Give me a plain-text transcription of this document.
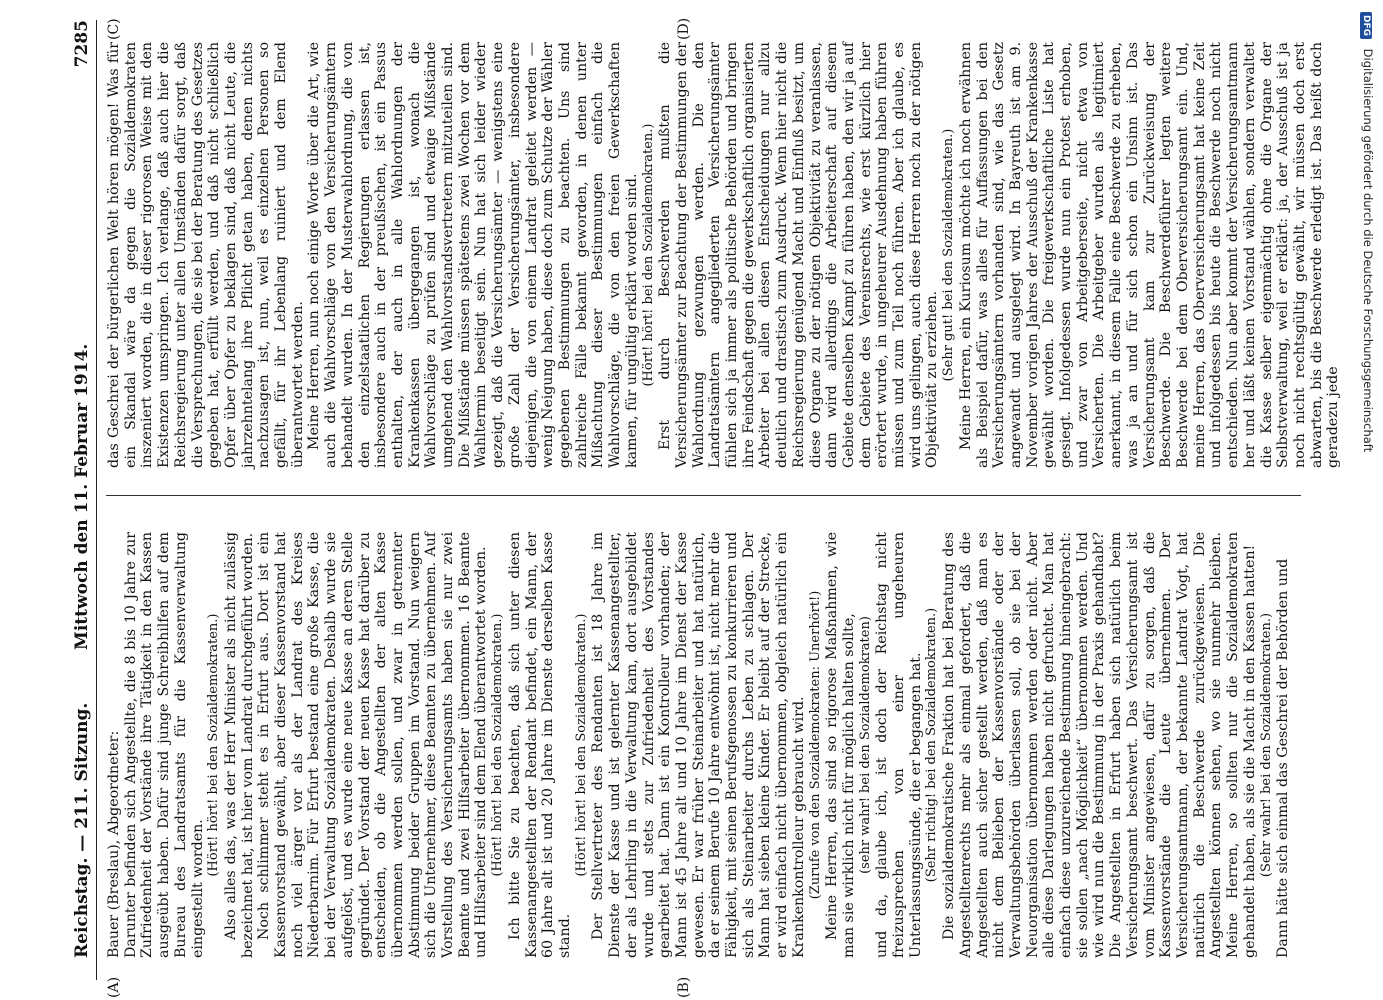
Reichstag. — 211. Sitzung.
Mittwoch den 11. Februar 1914.
7285
(A)	(B)
(C)	(D)

Bauer (Breslau), Abgeordneter: Darunter befinden sich Angestellte, die 8 bis 10 Jahre zur Zufriedenheit der Vorstände ihre Tätigkeit in den Kassen ausgeübt haben. Dafür sind junge Schreibhilfen auf dem Bureau des Landratsamts für die Kassenverwaltung eingestellt worden.

(Hört! hört! bei den Sozialdemokraten.) Also alles das, was der Herr Minister als nicht zulässig bezeichnet hat, ist hier vom Landrat durchgeführt worden. Noch schlimmer steht es in Erfurt aus. Dort ist ein Kassenvorstand gewählt, aber dieser Kassenvorstand hat noch viel ärger vor als der Landrat des Kreises Niederbarnim. Für Erfurt bestand eine große Kasse, die bei der Verwaltung Sozialdemokraten. Deshalb wurde sie aufgelöst, und es wurde eine neue Kasse an deren Stelle gegründet. Der Vorstand der neuen Kasse hat darüber zu entscheiden, ob die Angestellten der alten Kasse übernommen werden sollen, und zwar in getrennter Abstimmung beider Gruppen im Vorstand. Nun weigern sich die Unternehmer, diese Beamten zu übernehmen. Auf Vorstellung des Versicherungsamts haben sie nur zwei Beamte und zwei Hilfsarbeiter übernommen. 16 Beamte und Hilfsarbeiter sind dem Elend überantwortet worden. (Hört! hört! bei den Sozialdemokraten.) Ich bitte Sie zu beachten, daß sich unter diesen Kassenangestellten der Rendant befindet, ein Mann, der 60 Jahre alt ist und 20 Jahre im Dienste derselben Kasse stand.

(Hört! hört! bei den Sozialdemokraten.) Der Stellvertreter des Rendanten ist 18 Jahre im Dienste der Kasse und ist gelernter Kassenangestellter, der als Lehrling in die Verwaltung kam, dort ausgebildet wurde und stets zur Zufriedenheit des Vorstandes gearbeitet hat. Dann ist ein Kontrolleur vorhanden; der Mann ist 45 Jahre alt und 10 Jahre im Dienst der Kasse gewesen. Er war früher Steinarbeiter und hat natürlich, da er seinem Berufe 10 Jahre entwöhnt ist, nicht mehr die Fähigkeit, mit seinen Berufsgenossen zu konkurrieren und sich als Steinarbeiter durchs Leben zu schlagen. Der Mann hat sieben kleine Kinder. Er bleibt auf der Strecke, er wird einfach nicht übernommen, obgleich natürlich ein Krankenkontrolleur gebraucht wird. (Zurufe von den Sozialdemokraten: Unerhört!) Meine Herren, das sind so rigorose Maßnahmen, wie man sie wirklich nicht für möglich halten sollte, (sehr wahr! bei den Sozialdemokraten) und da, glaube ich, ist doch der Reichstag nicht freizusprechen von einer ungeheuren Unterlassungssünde, die er begangen hat. (Sehr richtig! bei den Sozialdemokraten.) Die sozialdemokratische Fraktion hat bei Beratung des Angestelltenrechts mehr als einmal gefordert, daß die Angestellten auch sicher gestellt werden, daß man es nicht dem Belieben der Kassenvorstände oder der Verwaltungsbehörden überlassen soll, ob sie bei der Neuorganisation übernommen werden oder nicht. Aber alle diese Darlegungen haben nicht gefruchtet. Man hat einfach diese unzureichende Bestimmung hineingebracht: sie sollen „nach Möglichkeit“ übernommen werden. Und wie wird nun die Bestimmung in der Praxis gehandhabt? Die Angestellten in Erfurt haben sich natürlich beim Versicherungsamt beschwert. Das Versicherungsamt ist vom Minister angewiesen, dafür zu sorgen, daß die Kassenvorstände die Leute übernehmen. Der Versicherungsamtmann, der bekannte Landrat Vogt, hat natürlich die Beschwerde zurückgewiesen. Die Angestellten können sehen, wo sie nunmehr bleiben. Meine Herren, so sollten nur die Sozialdemokraten gehandelt haben, als sie die Macht in den Kassen hatten! (Sehr wahr! bei den Sozialdemokraten.) Dann hätte sich einmal das Geschrei der Behörden und

das Geschrei der bürgerlichen Welt hören mögen! Was für ein Skandal wäre da gegen die Sozialdemokraten inszeniert worden, die in dieser rigorosen Weise mit den Existenzen umspringen. Ich verlange, daß auch hier die Reichsregierung unter allen Umständen dafür sorgt, daß die Versprechungen, die sie bei der Beratung des Gesetzes gegeben hat, erfüllt werden, und daß nicht schließlich Opfer über Opfer zu beklagen sind, daß nicht Leute, die jahrzehntelang ihre Pflicht getan haben, denen nichts nachzusagen ist, nun, weil es einzelnen Personen so gefällt, für ihr Lebenlang ruiniert und dem Elend überantwortet werden. Meine Herren, nun noch einige Worte über die Art, wie auch die Wahlvorschläge von den Versicherungsämtern behandelt wurden. In der Musterwahlordnung, die von den einzelstaatlichen Regierungen erlassen ist, insbesondere auch in der preußischen, ist ein Passus enthalten, der auch in alle Wahlordnungen der Krankenkassen übergegangen ist, wonach die Wahlvorschläge zu prüfen sind und etwaige Mißstände umgehend den Wahlvorstandsvertretern mitzuteilen sind. Die Mißstände müssen spätestens zwei Wochen vor dem Wahltermin beseitigt sein. Nun hat sich leider wieder gezeigt, daß die Versicherungsämter — wenigstens eine große Zahl der Versicherungsämter, insbesondere diejenigen, die von einem Landrat geleitet werden — wenig Neigung haben, diese doch zum Schutze der Wähler gegebenen Bestimmungen zu beachten. Uns sind zahlreiche Fälle bekannt geworden, in denen unter Mißachtung dieser Bestimmungen einfach die Wahlvorschläge, die von den freien Gewerkschaften kamen, für ungültig erklärt worden sind. (Hört! hört! bei den Sozialdemokraten.) Erst durch Beschwerden mußten die Versicherungsämter zur Beachtung der Bestimmungen der Wahlordnung gezwungen werden. Die den Landratsämtern angegliederten Versicherungsämter fühlen sich ja immer als politische Behörden und bringen ihre Feindschaft gegen die gewerkschaftlich organisierten Arbeiter bei allen diesen Entscheidungen nur allzu deutlich und drastisch zum Ausdruck. Wenn hier nicht die Reichsregierung genügend Macht und Einfluß besitzt, um diese Organe zu der nötigen Objektivität zu veranlassen, dann wird allerdings die Arbeiterschaft auf diesem Gebiete denselben Kampf zu führen haben, den wir ja auf dem Gebiete des Vereinsrechts, wie erst kürzlich hier erörtert wurde, in ungeheurer Ausdehnung haben führen müssen und zum Teil noch führen. Aber ich glaube, es wird uns gelingen, auch diese Herren noch zu der nötigen Objektivität zu erziehen. (Sehr gut! bei den Sozialdemokraten.) Meine Herren, ein Kuriosum möchte ich noch erwähnen als Beispiel dafür, was alles für Auffassungen bei den Versicherungsämtern vorhanden sind, wie das Gesetz angewandt und ausgelegt wird. In Bayreuth ist am 9. November vorigen Jahres der Ausschuß der Krankenkasse gewählt worden. Die freigewerkschaftliche Liste hat gesiegt. Infolgedessen wurde nun ein Protest erhoben, und zwar von Arbeitgeberseite, nicht etwa von Versicherten. Die Arbeitgeber wurden als legitimiert anerkannt, in diesem Falle eine Beschwerde zu erheben, was ja an und für sich schon ein Unsinn ist. Das Versicherungsamt kam zur Zurückweisung der Beschwerde. Die Beschwerdeführer legten weitere Beschwerde bei dem Oberversicherungsamt ein. Und, meine Herren, das Oberversicherungsamt hat keine Zeit und infolgedessen bis heute die Beschwerde noch nicht entschieden. Nun aber kommt der Versicherungsamtmann her und läßt keinen Vorstand wählen, sondern verwaltet die Kasse selber eigenmächtig ohne die Organe der Selbstverwaltung, weil er erklärt: ja, der Ausschuß ist ja noch nicht rechtsgültig gewählt, wir müssen doch erst abwarten, bis die Beschwerde erledigt ist. Das heißt doch geradezu jede

DFG Digitalisierung gefördert durch die Deutsche Forschungsgemeinschaft
